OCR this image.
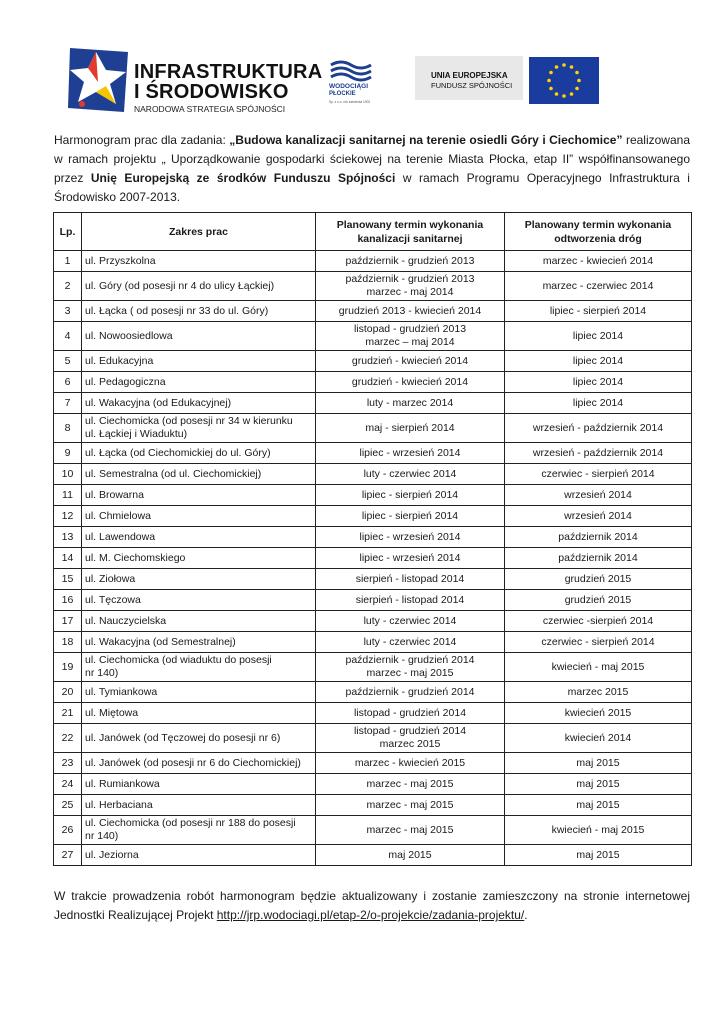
INFRASTRUKTURA
I ŚRODOWISKO
NARODOWA STRATEGIA SPÓJNOŚCI
WODOCIĄGI
PŁOCKIE
Sp. z o.o. rok założenia 1902
UNIA EUROPEJSKA
FUNDUSZ SPÓJNOŚCI

Harmonogram prac dla zadania: „Budowa kanalizacji sanitarnej na terenie osiedli Góry i Ciechomice” realizowana w ramach projektu „ Uporządkowanie gospodarki ściekowej na terenie Miasta Płocka, etap II” współfinansowanego przez Unię Europejską ze środków Funduszu Spójności w ramach Programu Operacyjnego Infrastruktura i Środowisko 2007-2013.

Lp.	Zakres prac	Planowany termin wykonania kanalizacji sanitarnej	Planowany termin wykonania odtworzenia dróg
1	ul. Przyszkolna	październik - grudzień 2013	marzec - kwiecień 2014

2	ul. Góry (od posesji nr 4 do ulicy Łąckiej)	październik - grudzień 2013
marzec - maj 2014	marzec - czerwiec 2014

3	ul. Łącka ( od posesji nr 33 do ul. Góry)	grudzień 2013 - kwiecień 2014	lipiec - sierpień 2014

4	ul. Nowoosiedlowa	listopad - grudzień 2013
marzec – maj 2014	lipiec 2014

5	ul. Edukacyjna	grudzień - kwiecień 2014	lipiec 2014

6	ul. Pedagogiczna	grudzień - kwiecień 2014	lipiec 2014

7	ul. Wakacyjna (od Edukacyjnej)	luty - marzec 2014	lipiec 2014

8	ul. Ciechomicka (od posesji nr 34 w kierunku
ul. Łąckiej i Wiaduktu)	maj - sierpień 2014	wrzesień - październik 2014

9	ul. Łącka (od Ciechomickiej do ul. Góry)	lipiec - wrzesień 2014	wrzesień - październik 2014

10	ul. Semestralna (od ul. Ciechomickiej)	luty - czerwiec 2014	czerwiec - sierpień 2014

11	ul. Browarna	lipiec - sierpień 2014	wrzesień 2014

12	ul. Chmielowa	lipiec - sierpień 2014	wrzesień 2014

13	ul. Lawendowa	lipiec - wrzesień 2014	październik 2014

14	ul. M. Ciechomskiego	lipiec - wrzesień 2014	październik 2014

15	ul. Ziołowa	sierpień - listopad 2014	grudzień 2015

16	ul. Tęczowa	sierpień - listopad 2014	grudzień 2015

17	ul. Nauczycielska	luty - czerwiec 2014	czerwiec -sierpień 2014

18	ul. Wakacyjna (od Semestralnej)	luty - czerwiec 2014	czerwiec - sierpień 2014

19	ul. Ciechomicka (od wiaduktu do posesji
nr 140)	październik - grudzień 2014
marzec - maj 2015	kwiecień - maj 2015

20	ul. Tymiankowa	październik - grudzień 2014	marzec 2015

21	ul. Miętowa	listopad - grudzień 2014	kwiecień 2015

22	ul. Janówek (od Tęczowej do posesji nr 6)	listopad - grudzień 2014
marzec 2015	kwiecień 2014

23	ul. Janówek (od posesji nr 6 do Ciechomickiej)	marzec - kwiecień 2015	maj 2015

24	ul. Rumiankowa	marzec - maj 2015	maj 2015

25	ul. Herbaciana	marzec - maj 2015	maj 2015

26	ul. Ciechomicka (od posesji nr 188 do posesji
nr 140)	marzec - maj 2015	kwiecień - maj 2015

27	ul. Jeziorna	maj 2015	maj 2015

W trakcie prowadzenia robót harmonogram będzie aktualizowany i zostanie zamieszczony na stronie internetowej Jednostki Realizującej Projekt http://jrp.wodociagi.pl/etap-2/o-projekcie/zadania-projektu/.
